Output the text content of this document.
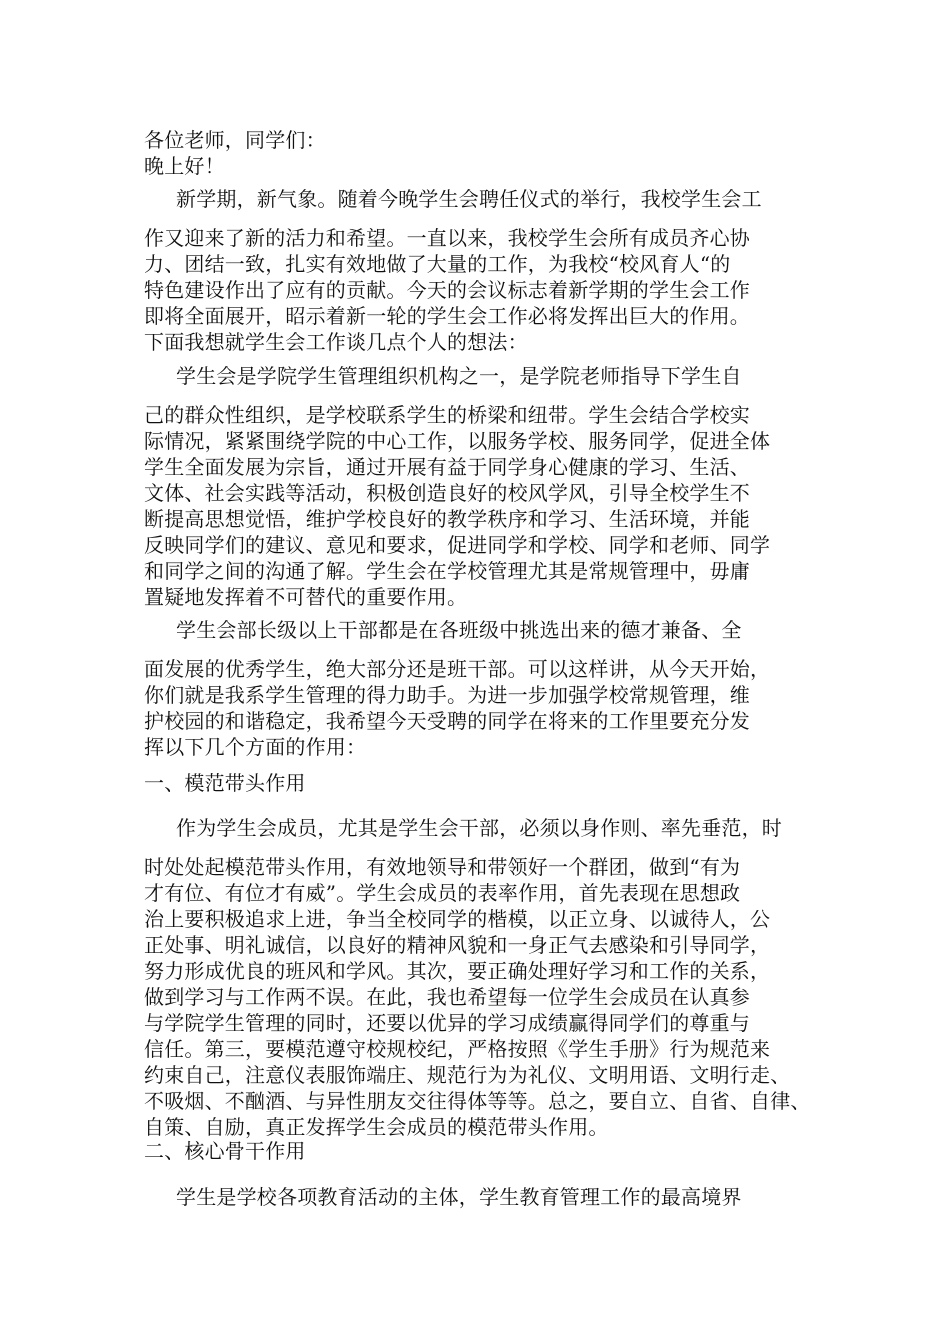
各位老师，同学们：

晚上好！

新学期，新气象。随着今晚学生会聘任仪式的举行，我校学生会工

作又迎来了新的活力和希望。一直以来，我校学生会所有成员齐心协

力、团结一致，扎实有效地做了大量的工作，为我校“校风育人“的

特色建设作出了应有的贡献。今天的会议标志着新学期的学生会工作

即将全面展开，昭示着新一轮的学生会工作必将发挥出巨大的作用。

下面我想就学生会工作谈几点个人的想法：

学生会是学院学生管理组织机构之一，是学院老师指导下学生自

己的群众性组织，是学校联系学生的桥梁和纽带。学生会结合学校实

际情况，紧紧围绕学院的中心工作，以服务学校、服务同学，促进全体

学生全面发展为宗旨，通过开展有益于同学身心健康的学习、生活、

文体、社会实践等活动，积极创造良好的校风学风，引导全校学生不

断提高思想觉悟，维护学校良好的教学秩序和学习、生活环境，并能

反映同学们的建议、意见和要求，促进同学和学校、同学和老师、同学

和同学之间的沟通了解。学生会在学校管理尤其是常规管理中，毋庸

置疑地发挥着不可替代的重要作用。

学生会部长级以上干部都是在各班级中挑选出来的德才兼备、全

面发展的优秀学生，绝大部分还是班干部。可以这样讲，从今天开始，

你们就是我系学生管理的得力助手。为进一步加强学校常规管理，维

护校园的和谐稳定，我希望今天受聘的同学在将来的工作里要充分发

挥以下几个方面的作用：

一、模范带头作用

作为学生会成员，尤其是学生会干部，必须以身作则、率先垂范，时

时处处起模范带头作用，有效地领导和带领好一个群团，做到“有为

才有位、有位才有威”。学生会成员的表率作用，首先表现在思想政

治上要积极追求上进，争当全校同学的楷模，以正立身、以诚待人，公

正处事、明礼诚信，以良好的精神风貌和一身正气去感染和引导同学，

努力形成优良的班风和学风。其次，要正确处理好学习和工作的关系，

做到学习与工作两不误。在此，我也希望每一位学生会成员在认真参

与学院学生管理的同时，还要以优异的学习成绩赢得同学们的尊重与

信任。第三，要模范遵守校规校纪，严格按照《学生手册》行为规范来

约束自己，注意仪表服饰端庄、规范行为为礼仪、文明用语、文明行走、

不吸烟、不酗酒、与异性朋友交往得体等等。总之，要自立、自省、自律、

自策、自励，真正发挥学生会成员的模范带头作用。

二、核心骨干作用

学生是学校各项教育活动的主体，学生教育管理工作的最高境界
